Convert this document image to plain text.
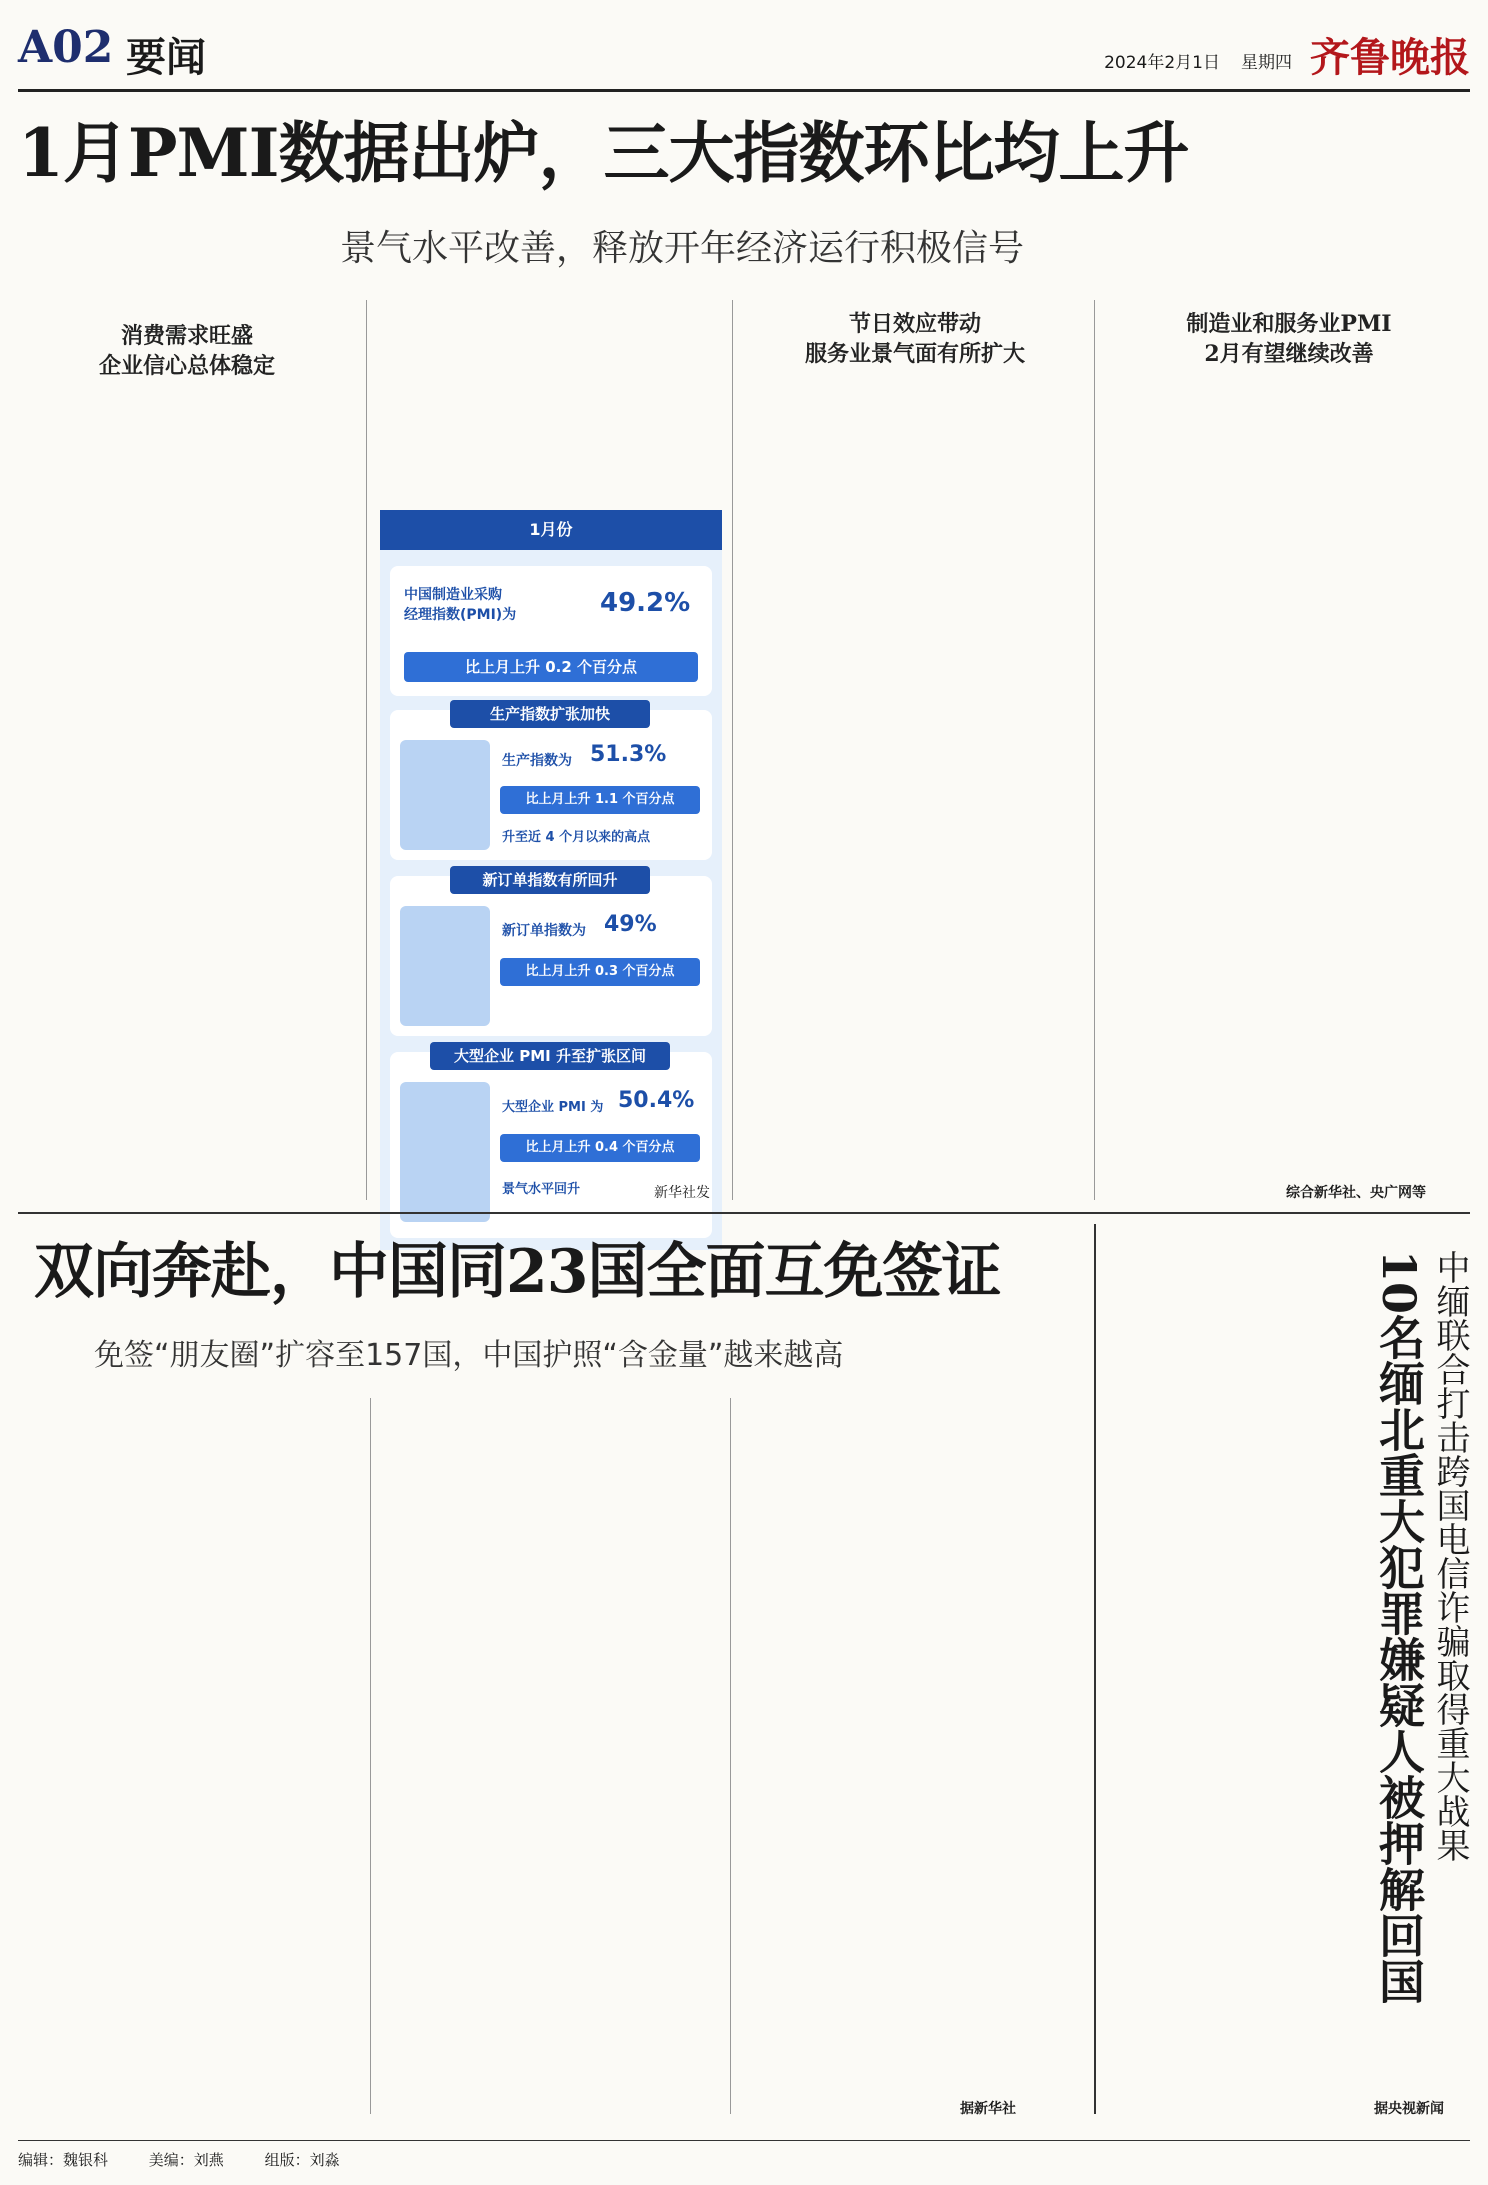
A02 要闻	2024年2月1日 星期四 齐鲁晚报
1月PMI数据出炉，三大指数环比均上升
景气水平改善，释放开年经济运行积极信号
消费需求旺盛
企业信心总体稳定

1月份
中国制造业采购
经理指数(PMI)为	49.2%
比上月上升 0.2 个百分点
生产指数扩张加快
生产指数为 51.3%
比上月上升 1.1 个百分点
升至近 4 个月以来的高点
新订单指数有所回升
新订单指数为 49%
比上月上升 0.3 个百分点
大型企业 PMI 升至扩张区间
大型企业 PMI 为 50.4%
比上月上升 0.4 个百分点
景气水平回升	新华社发

节日效应带动
服务业景气面有所扩大

制造业和服务业PMI
2月有望继续改善

综合新华社、央广网等
双向奔赴，中国同23国全面互免签证
免签“朋友圈”扩容至157国，中国护照“含金量”越来越高

据新华社

中缅联合打击跨国电信诈骗取得重大战果
10名缅北重大犯罪嫌疑人被押解回国
据央视新闻
编辑：魏银科	美编：刘燕	组版：刘淼
